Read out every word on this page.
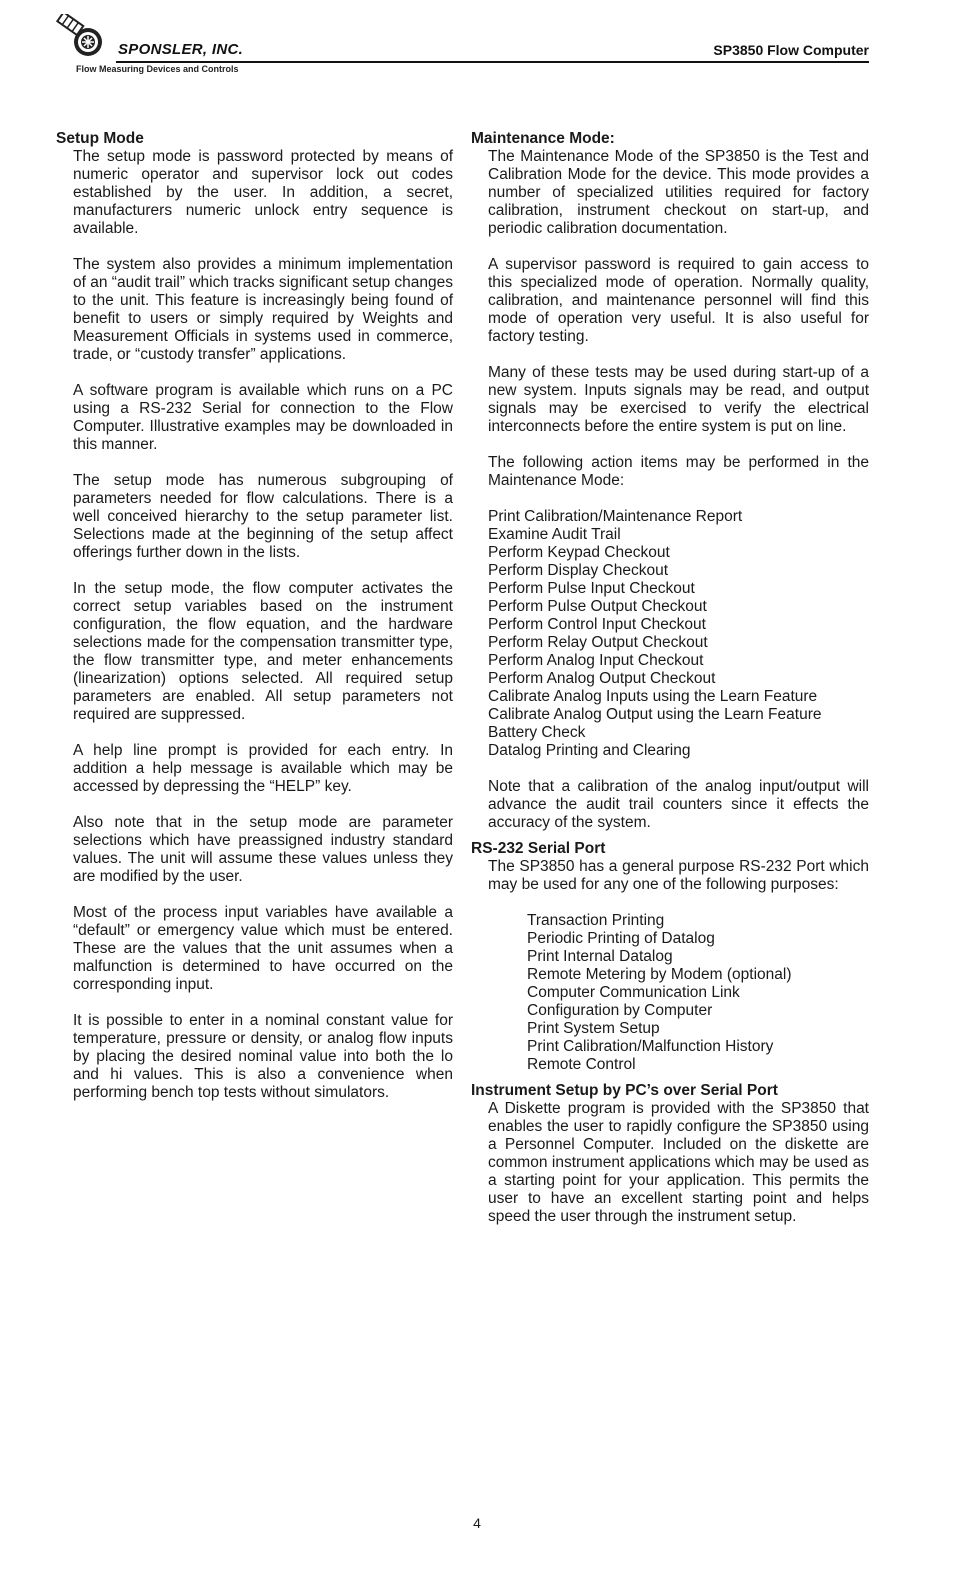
SPONSLER, INC.
Flow Measuring Devices and Controls
SP3850 Flow Computer
Setup Mode

The setup mode is password protected by means of numeric operator and supervisor lock out codes established by the user. In addition, a secret, manufacturers numeric unlock entry sequence is available.

The system also provides a minimum implementation of an “audit trail” which tracks significant setup changes to the unit. This feature is increasingly being found of benefit to users or simply required by Weights and Measurement Officials in systems used in commerce, trade, or “custody transfer” applications.

A software program is available which runs on a PC using a RS-232 Serial for connection to the Flow Computer. Illustrative examples may be downloaded in this manner.

The setup mode has numerous subgrouping of parameters needed for flow calculations. There is a well conceived hierarchy to the setup parameter list. Selections made at the beginning of the setup affect offerings further down in the lists.

In the setup mode, the flow computer activates the correct setup variables based on the instrument configuration, the flow equation, and the hardware selections made for the compensation transmitter type, the flow transmitter type, and meter enhancements (linearization) options selected. All required setup parameters are enabled. All setup parameters not required are suppressed.

A help line prompt is provided for each entry. In addition a help message is available which may be accessed by depressing the “HELP” key.

Also note that in the setup mode are parameter selections which have preassigned industry standard values. The unit will assume these values unless they are modified by the user.

Most of the process input variables have available a “default” or emergency value which must be entered. These are the values that the unit assumes when a malfunction is determined to have occurred on the corresponding input.

It is possible to enter in a nominal constant value for temperature, pressure or density, or analog flow inputs by placing the desired nominal value into both the lo and hi values. This is also a convenience when performing bench top tests without simulators.

Maintenance Mode:

The Maintenance Mode of the SP3850 is the Test and Calibration Mode for the device. This mode provides a number of specialized utilities required for factory calibration, instrument checkout on start-up, and periodic calibration documentation.

A supervisor password is required to gain access to this specialized mode of operation. Normally quality, calibration, and maintenance personnel will find this mode of operation very useful. It is also useful for factory testing.

Many of these tests may be used during start-up of a new system. Inputs signals may be read, and output signals may be exercised to verify the electrical interconnects before the entire system is put on line.

The following action items may be performed in the Maintenance Mode:

Print Calibration/Maintenance Report
Examine Audit Trail
Perform Keypad Checkout
Perform Display Checkout
Perform Pulse Input Checkout
Perform Pulse Output Checkout
Perform Control Input Checkout
Perform Relay Output Checkout
Perform Analog Input Checkout
Perform Analog Output Checkout
Calibrate Analog Inputs using the Learn Feature
Calibrate Analog Output using the Learn Feature
Battery Check
Datalog Printing and Clearing

Note that a calibration of the analog input/output will advance the audit trail counters since it effects the accuracy of the system.

RS-232 Serial Port

The SP3850 has a general purpose RS-232 Port which may be used for any one of the following purposes:

Transaction Printing
Periodic Printing of Datalog
Print Internal Datalog
Remote Metering by Modem (optional)
Computer Communication Link
Configuration by Computer
Print System Setup
Print Calibration/Malfunction History
Remote Control
Instrument Setup by PC’s over Serial Port

A Diskette program is provided with the SP3850 that enables the user to rapidly configure the SP3850 using a Personnel Computer. Included on the diskette are common instrument applications which may be used as a starting point for your application. This permits the user to have an excellent starting point and helps speed the user through the instrument setup.

4
